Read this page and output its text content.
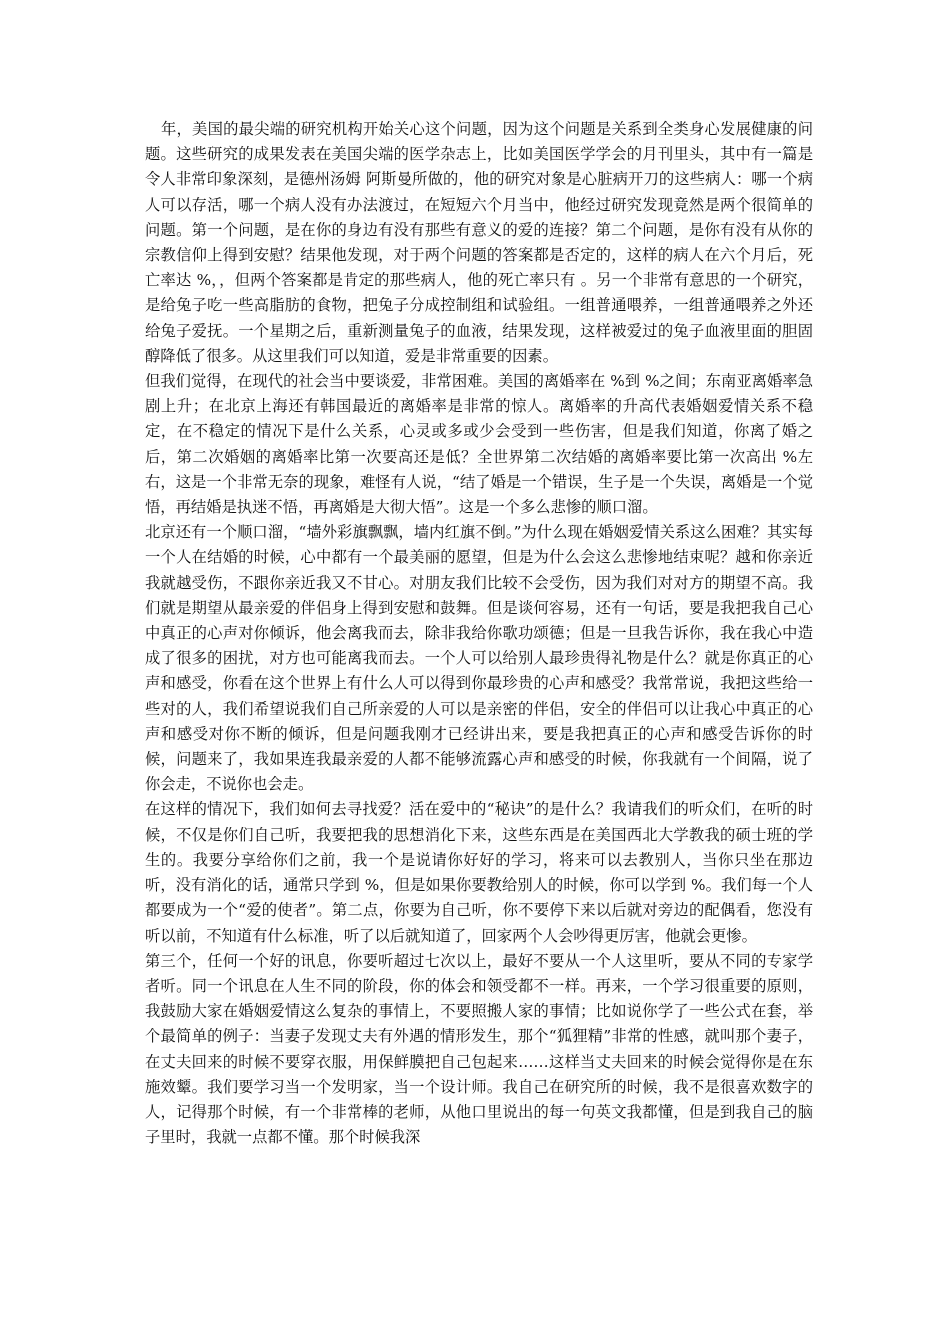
年，美国的最尖端的研究机构开始关心这个问题，因为这个问题是关系到全类身心发展健康的问题。这些研究的成果发表在美国尖端的医学杂志上，比如美国医学学会的月刊里头，其中有一篇是令人非常印象深刻，是德州汤姆 阿斯曼所做的，他的研究对象是心脏病开刀的这些病人：哪一个病人可以存活，哪一个病人没有办法渡过，在短短六个月当中，他经过研究发现竟然是两个很简单的问题。第一个问题，是在你的身边有没有那些有意义的爱的连接？第二个问题，是你有没有从你的宗教信仰上得到安慰？结果他发现，对于两个问题的答案都是否定的，这样的病人在六个月后，死亡率达 %，，但两个答案都是肯定的那些病人，他的死亡率只有 。另一个非常有意思的一个研究，是给兔子吃一些高脂肪的食物，把兔子分成控制组和试验组。一组普通喂养，一组普通喂养之外还给兔子爱抚。一个星期之后，重新测量兔子的血液，结果发现，这样被爱过的兔子血液里面的胆固醇降低了很多。从这里我们可以知道，爱是非常重要的因素。

但我们觉得，在现代的社会当中要谈爱，非常困难。美国的离婚率在 %到 %之间；东南亚离婚率急剧上升；在北京上海还有韩国最近的离婚率是非常的惊人。离婚率的升高代表婚姻爱情关系不稳定，在不稳定的情况下是什么关系，心灵或多或少会受到一些伤害，但是我们知道，你离了婚之后，第二次婚姻的离婚率比第一次要高还是低？全世界第二次结婚的离婚率要比第一次高出 %左右，这是一个非常无奈的现象，难怪有人说，“结了婚是一个错误，生子是一个失误，离婚是一个觉悟，再结婚是执迷不悟，再离婚是大彻大悟”。这是一个多么悲惨的顺口溜。

北京还有一个顺口溜，“墙外彩旗飘飘，墙内红旗不倒。”为什么现在婚姻爱情关系这么困难？其实每一个人在结婚的时候，心中都有一个最美丽的愿望，但是为什么会这么悲惨地结束呢？越和你亲近我就越受伤，不跟你亲近我又不甘心。对朋友我们比较不会受伤，因为我们对对方的期望不高。我们就是期望从最亲爱的伴侣身上得到安慰和鼓舞。但是谈何容易，还有一句话，要是我把我自己心中真正的心声对你倾诉，他会离我而去，除非我给你歌功颂德；但是一旦我告诉你，我在我心中造成了很多的困扰，对方也可能离我而去。一个人可以给别人最珍贵得礼物是什么？就是你真正的心声和感受，你看在这个世界上有什么人可以得到你最珍贵的心声和感受？我常常说，我把这些给一些对的人，我们希望说我们自己所亲爱的人可以是亲密的伴侣，安全的伴侣可以让我心中真正的心声和感受对你不断的倾诉，但是问题我刚才已经讲出来，要是我把真正的心声和感受告诉你的时候，问题来了，我如果连我最亲爱的人都不能够流露心声和感受的时候，你我就有一个间隔，说了你会走，不说你也会走。

在这样的情况下，我们如何去寻找爱？活在爱中的“秘诀”的是什么？我请我们的听众们，在听的时候，不仅是你们自己听，我要把我的思想消化下来，这些东西是在美国西北大学教我的硕士班的学生的。我要分享给你们之前，我一个是说请你好好的学习，将来可以去教别人，当你只坐在那边听，没有消化的话，通常只学到 %，但是如果你要教给别人的时候，你可以学到 %。我们每一个人都要成为一个“爱的使者”。第二点，你要为自己听，你不要停下来以后就对旁边的配偶看，您没有听以前，不知道有什么标准，听了以后就知道了，回家两个人会吵得更厉害，他就会更惨。

第三个，任何一个好的讯息，你要听超过七次以上，最好不要从一个人这里听，要从不同的专家学者听。同一个讯息在人生不同的阶段，你的体会和领受都不一样。再来，一个学习很重要的原则，我鼓励大家在婚姻爱情这么复杂的事情上，不要照搬人家的事情；比如说你学了一些公式在套，举个最简单的例子：当妻子发现丈夫有外遇的情形发生，那个“狐狸精”非常的性感，就叫那个妻子，在丈夫回来的时候不要穿衣服，用保鲜膜把自己包起来……这样当丈夫回来的时候会觉得你是在东施效颦。我们要学习当一个发明家，当一个设计师。我自己在研究所的时候，我不是很喜欢数字的人，记得那个时候，有一个非常棒的老师，从他口里说出的每一句英文我都懂，但是到我自己的脑子里时，我就一点都不懂。那个时候我深
